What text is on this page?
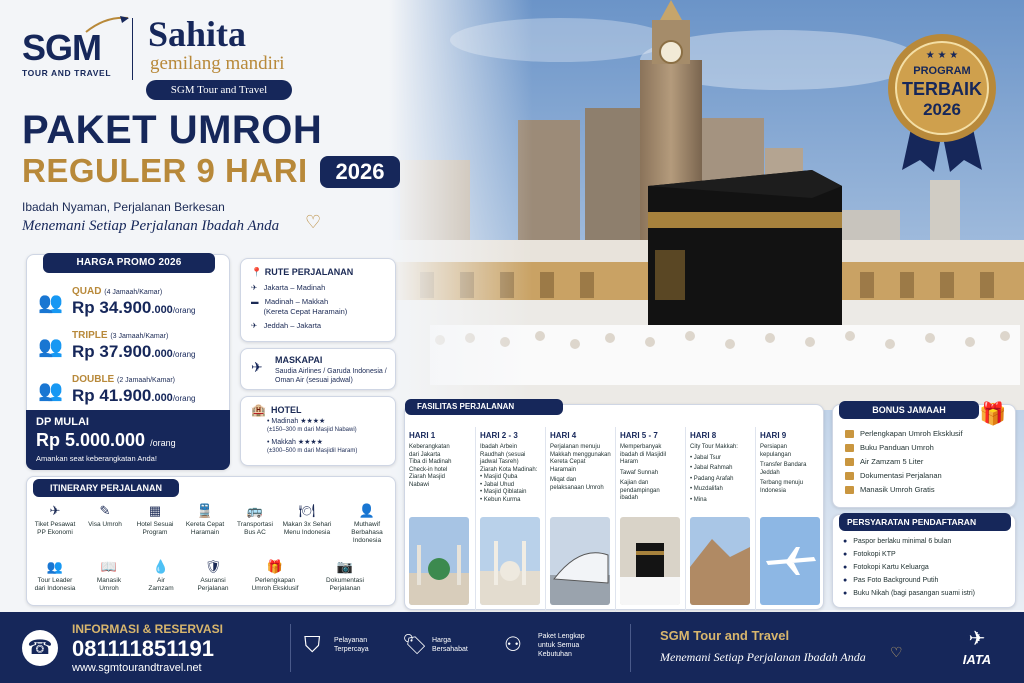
SGM
TOUR AND TRAVEL
Sahita
gemilang mandiri
SGM Tour and Travel
PAKET UMROH
REGULER 9 HARI	2026
Ibadah Nyaman, Perjalanan Berkesan
Menemani Setiap Perjalanan Ibadah Anda ♡
★ ★ ★
PROGRAM
TERBAIK
2026
HARGA PROMO 2026
👥
QUAD (4 Jamaah/Kamar)
Rp 34.900.000/orang
👥
TRIPLE (3 Jamaah/Kamar)
Rp 37.900.000/orang
👥
DOUBLE (2 Jamaah/Kamar)
Rp 41.900.000/orang
DP MULAI
Rp 5.000.000 /orang
Amankan seat keberangkatan Anda!
📍 RUTE PERJALANAN
✈ Jakarta – Madinah
▬ Madinah – Makkah
(Kereta Cepat Haramain)
✈ Jeddah – Jakarta
✈ MASKAPAI
Saudia Airlines / Garuda Indonesia /
Oman Air (sesuai jadwal)
🏨 HOTEL
• Madinah ★★★★
(±150–300 m dari Masjid Nabawi)
• Makkah ★★★★
(±300–500 m dari Masjidil Haram)
FASILITAS PERJALANAN
HARI 1
Keberangkatan
dari Jakarta
Tiba di Madinah
Check-in hotel
Ziarah Masjid
Nabawi
HARI 2 - 3
Ibadah Arbein
Raudhah (sesuai
jadwal Tasreh)
Ziarah Kota Madinah:
• Masjid Quba
• Jabal Uhud
• Masjid Qiblatain
• Kebun Kurma
HARI 4
Perjalanan menuju
Makkah menggunakan
Kereta Cepat Haramain
Miqat dan
pelaksanaan Umroh
HARI 5 - 7
Memperbanyak
ibadah di Masjidil
Haram
Tawaf Sunnah
Kajian dan
pendampingan
ibadah
HARI 8
City Tour Makkah:
• Jabal Tsur
• Jabal Rahmah
• Padang Arafah
• Muzdalifah
• Mina
HARI 9
Persiapan
kepulangan
Transfer Bandara
Jeddah
Terbang menuju
Indonesia
BONUS JAMAAH	🎁
Perlengkapan Umroh Eksklusif
Buku Panduan Umroh
Air Zamzam 5 Liter
Dokumentasi Perjalanan
Manasik Umroh Gratis
PERSYARATAN PENDAFTARAN
● Paspor berlaku minimal 6 bulan
● Fotokopi KTP
● Fotokopi Kartu Keluarga
● Pas Foto Background Putih
● Buku Nikah (bagi pasangan suami istri)
ITINERARY PERJALANAN
✈
Tiket Pesawat
PP Ekonomi
✎
Visa Umroh
▦
Hotel Sesuai
Program
🚆
Kereta Cepat
Haramain
🚌
Transportasi
Bus AC
🍽
Makan 3x Sehari
Menu Indonesia
👤
Muthawif
Berbahasa
Indonesia
👥
Tour Leader
dari Indonesia
📖
Manasik
Umroh
💧
Air
Zamzam
🛡
Asuransi
Perjalanan
🎁
Perlengkapan
Umroh Eksklusif
📷
Dokumentasi
Perjalanan
☎
INFORMASI & RESERVASI
081111851191
www.sgmtourandtravel.net
⛉ Pelayanan
Terpercaya 🏷 Harga
Bersahabat ⚇ Paket Lengkap
untuk Semua
Kebutuhan
SGM Tour and Travel
Menemani Setiap Perjalanan Ibadah Anda ♡
✈
IATA
